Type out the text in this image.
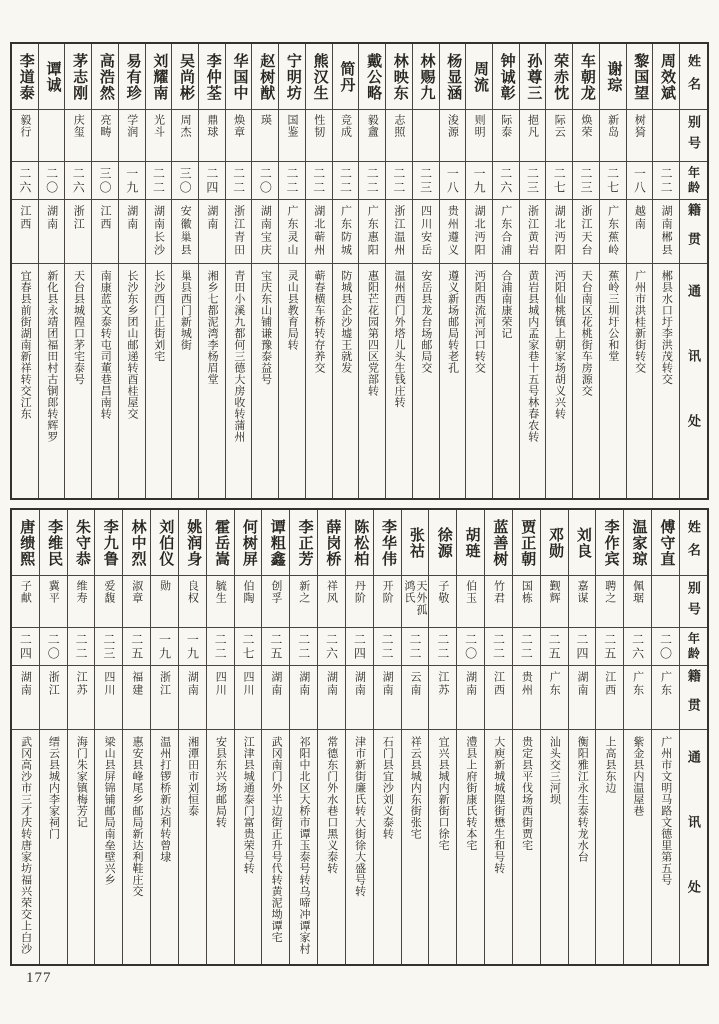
李道泰
毅行
二六
江西
宜春县前街湖南新祥转交江东
谭诚
二〇
湖南
新化县永靖团福田村古铜郎转辉罗
茅志刚
庆玺
二六
浙江
天台县城隍口茅宅泰号
高浩然
亮畴
三〇
江西
南康蓝文泰转屯司董巷昌南转
易有珍
学润
一九
湖南
长沙东乡团山邮递转酉桂屋交
刘耀南
光斗
二二
湖南长沙
长沙西门正街刘宅
吴尚彬
周杰
三〇
安徽巢县
巢县西门新城街
李仲荃
鼎球
二四
湖南
湘乡七都泥湾李杨眉堂
华国中
焕章
二二
浙江青田
青田小溪九都何三德大房收转蒲州
赵树猷
瑛
二〇
湖南宝庆
宝庆东山铺谦豫泰益号
宁明坊
国鉴
二二
广东灵山
灵山县教育局转
熊汉生
性韧
二二
湖北蕲州
蕲春横车桥转存养交
简丹
竞成
二二
广东防城
防城县企沙墟王就发
戴公略
毅盦
二二
广东惠阳
惠阳芒花园第四区党部转
林映东
志照
二二
浙江温州
温州西门外塔儿头生钱庄转
林赐九
二三
四川安岳
安岳县龙台场邮局交
杨显涵
浚源
一八
贵州遵义
遵义新场邮局转老孔
周流
则明
一九
湖北沔阳
沔阳西流河河口转交
钟诚彰
际泰
二六
广东合浦
合浦南康荣记
孙尊三
挹凡
二三
浙江黄岩
黄岩县城内孟家巷十五号林春农转
荣赤忱
际云
二七
湖北沔阳
沔阳仙桃镇上朝家场胡义兴转
车朝龙
焕荣
二三
浙江天台
天台南区花桃街车房源交
谢琮
新岛
二七
广东蕉岭
蕉岭三圳圩公和堂
黎国望
树猗
一八
越南
广州市洪桂新街转交
周效斌
二二
湖南郴县
郴县水口圩李洪茂转交
姓名
别号
年龄
籍贯
通讯处
唐缋熙
子献
二四
湖南
武冈高沙市三才庆转唐家坊福兴荣交上白沙
李维民
冀平
二〇
浙江
缙云县城内李家祠门
朱守恭
维寿
二二
江苏
海门朱家镇梅芳记
李九鲁
爱馥
二三
四川
梁山县屏锦铺邮局南垒壁兴乡
林中烈
淑章
二五
福建
惠安县峰尾乡邮局新达利鞋庄交
刘伯仪
勋
一九
浙江
温州打锣桥新达利转曾埭
姚润身
良权
一九
湖南
湘潭田市刘恒泰
霍岳嵩
毓生
二二
四川
安县东兴场邮局转
何树屏
伯陶
二七
四川
江津县城通泰门富贵荣号转
谭粗鑫
创孚
二五
湖南
武冈南门外半边街正升号代转黄泥坳谭宅
李正芳
新之
二二
湖南
祁阳中北区大桥市谭玉泰号转乌啼冲谭家村
薛岗桥
祥风
二六
湖南
常德东门外水巷口黑义泰转
陈松柏
丹阶
二四
湖南
津市新街廉氏转大街徐大盛号转
李华伟
开阶
二二
湖南
石门县宜沙刘义泰转
张祜
天外孤鸿氏
二二
云南
祥云县城内东街张宅
徐源
子敬
二二
江苏
宜兴县城内新街口徐宅
胡琏
伯玉
二〇
湖南
澧县上府街康氏转本宅
蓝善树
竹君
二二
江西
大庾新城城隍街懋生和号转
贾正朝
国栋
二二
贵州
贵定县平伐场西街贾宅
邓勋
觐辉
二五
广东
汕头交三河坝
刘良
嘉谋
二四
湖南
衡阳雅江永生泰转龙水台
李作宾
聘之
二五
江西
上高县东边
温家琼
佩琚
二六
广东
紫金县内温屋巷
傅守直
二〇
广东
广州市文明马路文德里第五号
姓名
别号
年龄
籍贯
通讯处
177
